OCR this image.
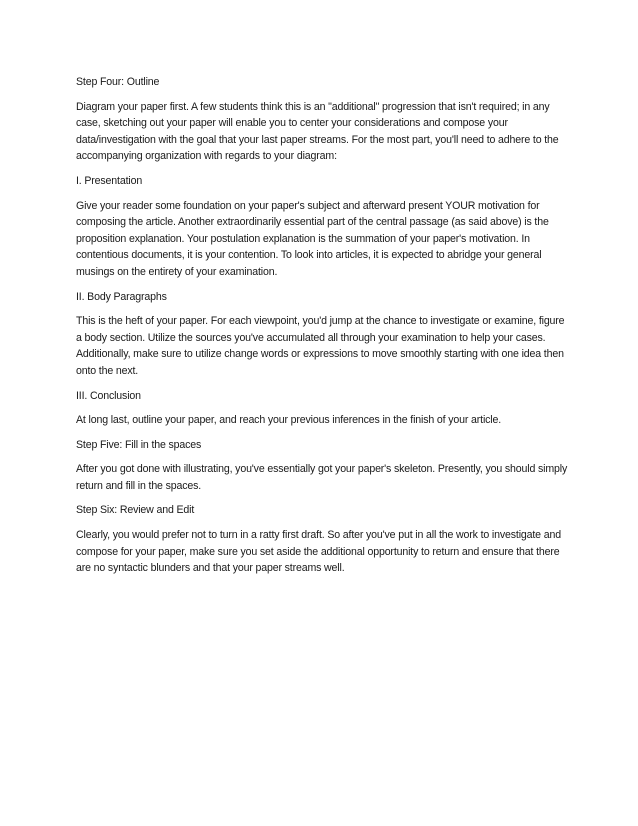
Step Four: Outline

Diagram your paper first. A few students think this is an "additional" progression that isn't required; in any case, sketching out your paper will enable you to center your considerations and compose your data/investigation with the goal that your last paper streams. For the most part, you'll need to adhere to the accompanying organization with regards to your diagram:

I. Presentation

Give your reader some foundation on your paper's subject and afterward present YOUR motivation for composing the article. Another extraordinarily essential part of the central passage (as said above) is the proposition explanation. Your postulation explanation is the summation of your paper's motivation. In contentious documents, it is your contention. To look into articles, it is expected to abridge your general musings on the entirety of your examination.

II. Body Paragraphs

This is the heft of your paper. For each viewpoint, you'd jump at the chance to investigate or examine, figure a body section. Utilize the sources you've accumulated all through your examination to help your cases. Additionally, make sure to utilize change words or expressions to move smoothly starting with one idea then onto the next.

III. Conclusion

At long last, outline your paper, and reach your previous inferences in the finish of your article.

Step Five: Fill in the spaces

After you got done with illustrating, you've essentially got your paper's skeleton. Presently, you should simply return and fill in the spaces.

Step Six: Review and Edit

Clearly, you would prefer not to turn in a ratty first draft. So after you've put in all the work to investigate and compose for your paper, make sure you set aside the additional opportunity to return and ensure that there are no syntactic blunders and that your paper streams well.
